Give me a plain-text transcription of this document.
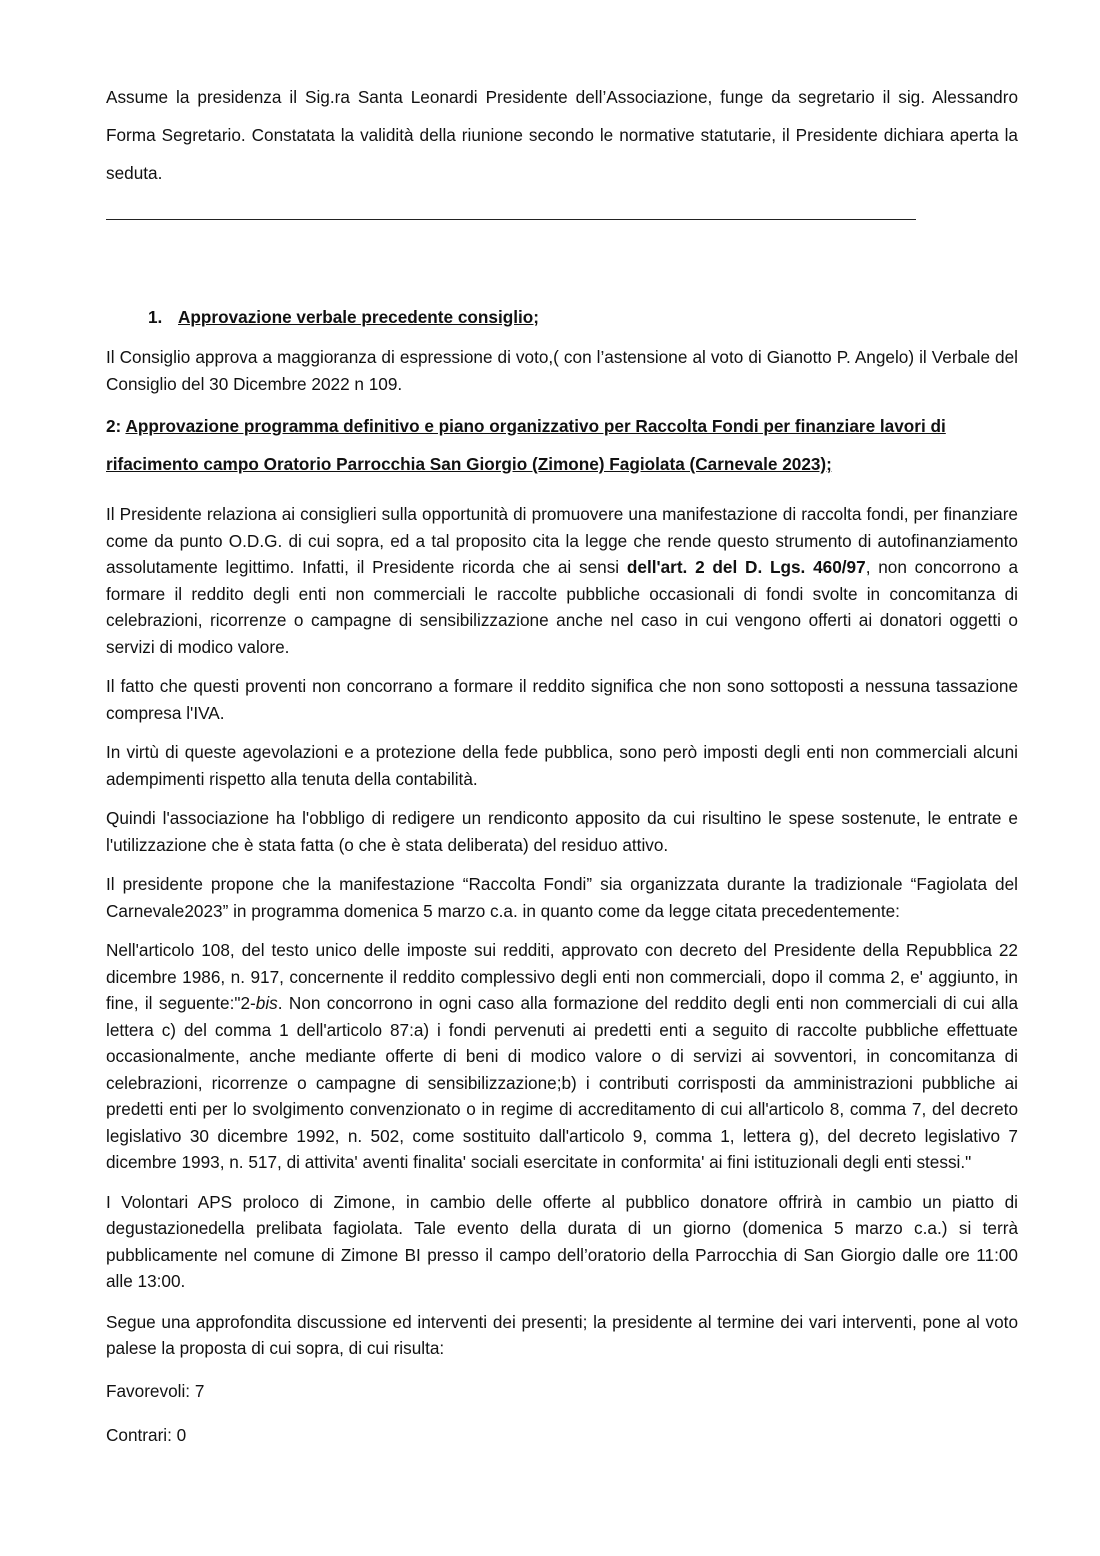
Assume la presidenza il Sig.ra Santa Leonardi Presidente dell’Associazione, funge da segretario il sig. Alessandro Forma Segretario. Constatata la validità della riunione secondo le normative statutarie, il Presidente dichiara aperta la seduta.

1. Approvazione verbale precedente consiglio;

Il Consiglio approva a maggioranza di espressione di voto,( con l’astensione al voto di Gianotto P. Angelo) il Verbale del Consiglio del 30 Dicembre 2022 n 109.

2: Approvazione programma definitivo e piano organizzativo per Raccolta Fondi per finanziare lavori di rifacimento campo Oratorio Parrocchia San Giorgio (Zimone) Fagiolata (Carnevale 2023);

Il Presidente relaziona ai consiglieri sulla opportunità di promuovere una manifestazione di raccolta fondi, per finanziare come da punto O.D.G. di cui sopra, ed a tal proposito cita la legge che rende questo strumento di autofinanziamento assolutamente legittimo. Infatti, il Presidente ricorda che ai sensi dell'art. 2 del D. Lgs. 460/97, non concorrono a formare il reddito degli enti non commerciali le raccolte pubbliche occasionali di fondi svolte in concomitanza di celebrazioni, ricorrenze o campagne di sensibilizzazione anche nel caso in cui vengono offerti ai donatori oggetti o servizi di modico valore.

Il fatto che questi proventi non concorrano a formare il reddito significa che non sono sottoposti a nessuna tassazione compresa l'IVA.

In virtù di queste agevolazioni e a protezione della fede pubblica, sono però imposti degli enti non commerciali alcuni adempimenti rispetto alla tenuta della contabilità.

Quindi l'associazione ha l'obbligo di redigere un rendiconto apposito da cui risultino le spese sostenute, le entrate e l'utilizzazione che è stata fatta (o che è stata deliberata) del residuo attivo.

Il presidente propone che la manifestazione “Raccolta Fondi” sia organizzata durante la tradizionale “Fagiolata del Carnevale2023” in programma domenica 5 marzo c.a. in quanto come da legge citata precedentemente:

Nell'articolo 108, del testo unico delle imposte sui redditi, approvato con decreto del Presidente della Repubblica 22 dicembre 1986, n. 917, concernente il reddito complessivo degli enti non commerciali, dopo il comma 2, e' aggiunto, in fine, il seguente:"2-bis. Non concorrono in ogni caso alla formazione del reddito degli enti non commerciali di cui alla lettera c) del comma 1 dell'articolo 87:a) i fondi pervenuti ai predetti enti a seguito di raccolte pubbliche effettuate occasionalmente, anche mediante offerte di beni di modico valore o di servizi ai sovventori, in concomitanza di celebrazioni, ricorrenze o campagne di sensibilizzazione;b) i contributi corrisposti da amministrazioni pubbliche ai predetti enti per lo svolgimento convenzionato o in regime di accreditamento di cui all'articolo 8, comma 7, del decreto legislativo 30 dicembre 1992, n. 502, come sostituito dall'articolo 9, comma 1, lettera g), del decreto legislativo 7 dicembre 1993, n. 517, di attivita' aventi finalita' sociali esercitate in conformita' ai fini istituzionali degli enti stessi."

I Volontari APS proloco di Zimone, in cambio delle offerte al pubblico donatore offrirà in cambio un piatto di degustazionedella prelibata fagiolata. Tale evento della durata di un giorno (domenica 5 marzo c.a.) si terrà pubblicamente nel comune di Zimone BI presso il campo dell’oratorio della Parrocchia di San Giorgio dalle ore 11:00 alle 13:00.

Segue una approfondita discussione ed interventi dei presenti; la presidente al termine dei vari interventi, pone al voto palese la proposta di cui sopra, di cui risulta:

Favorevoli: 7

Contrari: 0
